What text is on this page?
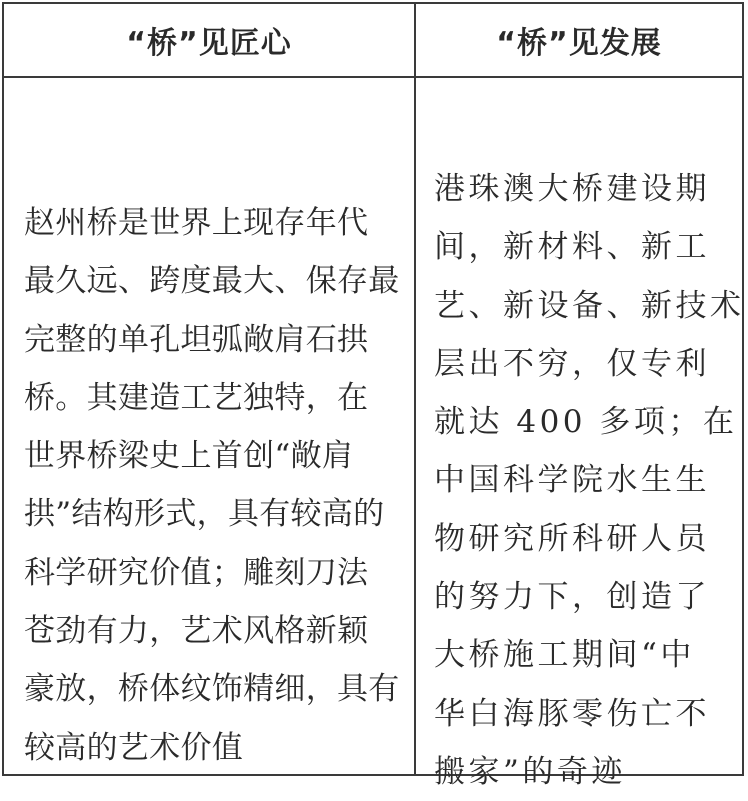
“桥”见匠心	“桥”见发展
赵州桥是世界上现存年代
最久远、跨度最大、保存最
完整的单孔坦弧敞肩石拱
桥。其建造工艺独特，在
世界桥梁史上首创“敞肩
拱”结构形式，具有较高的
科学研究价值；雕刻刀法
苍劲有力，艺术风格新颖
豪放，桥体纹饰精细，具有
较高的艺术价值
港珠澳大桥建设期
间，新材料、新工
艺、新设备、新技术
层出不穷，仅专利
就达 400 多项；在
中国科学院水生生
物研究所科研人员
的努力下，创造了
大桥施工期间“中
华白海豚零伤亡不
搬家”的奇迹
